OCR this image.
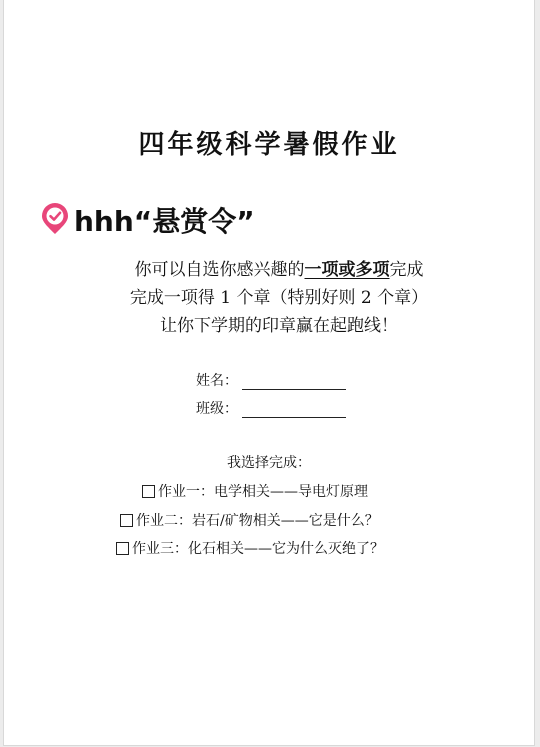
四年级科学暑假作业
hhh“悬赏令”
你可以自选你感兴趣的一项或多项完成
完成一项得 1 个章（特别好则 2 个章）
让你下学期的印章赢在起跑线！
姓名：
班级：
我选择完成：
作业一：电学相关——导电灯原理
作业二：岩石/矿物相关——它是什么？
作业三：化石相关——它为什么灭绝了？
